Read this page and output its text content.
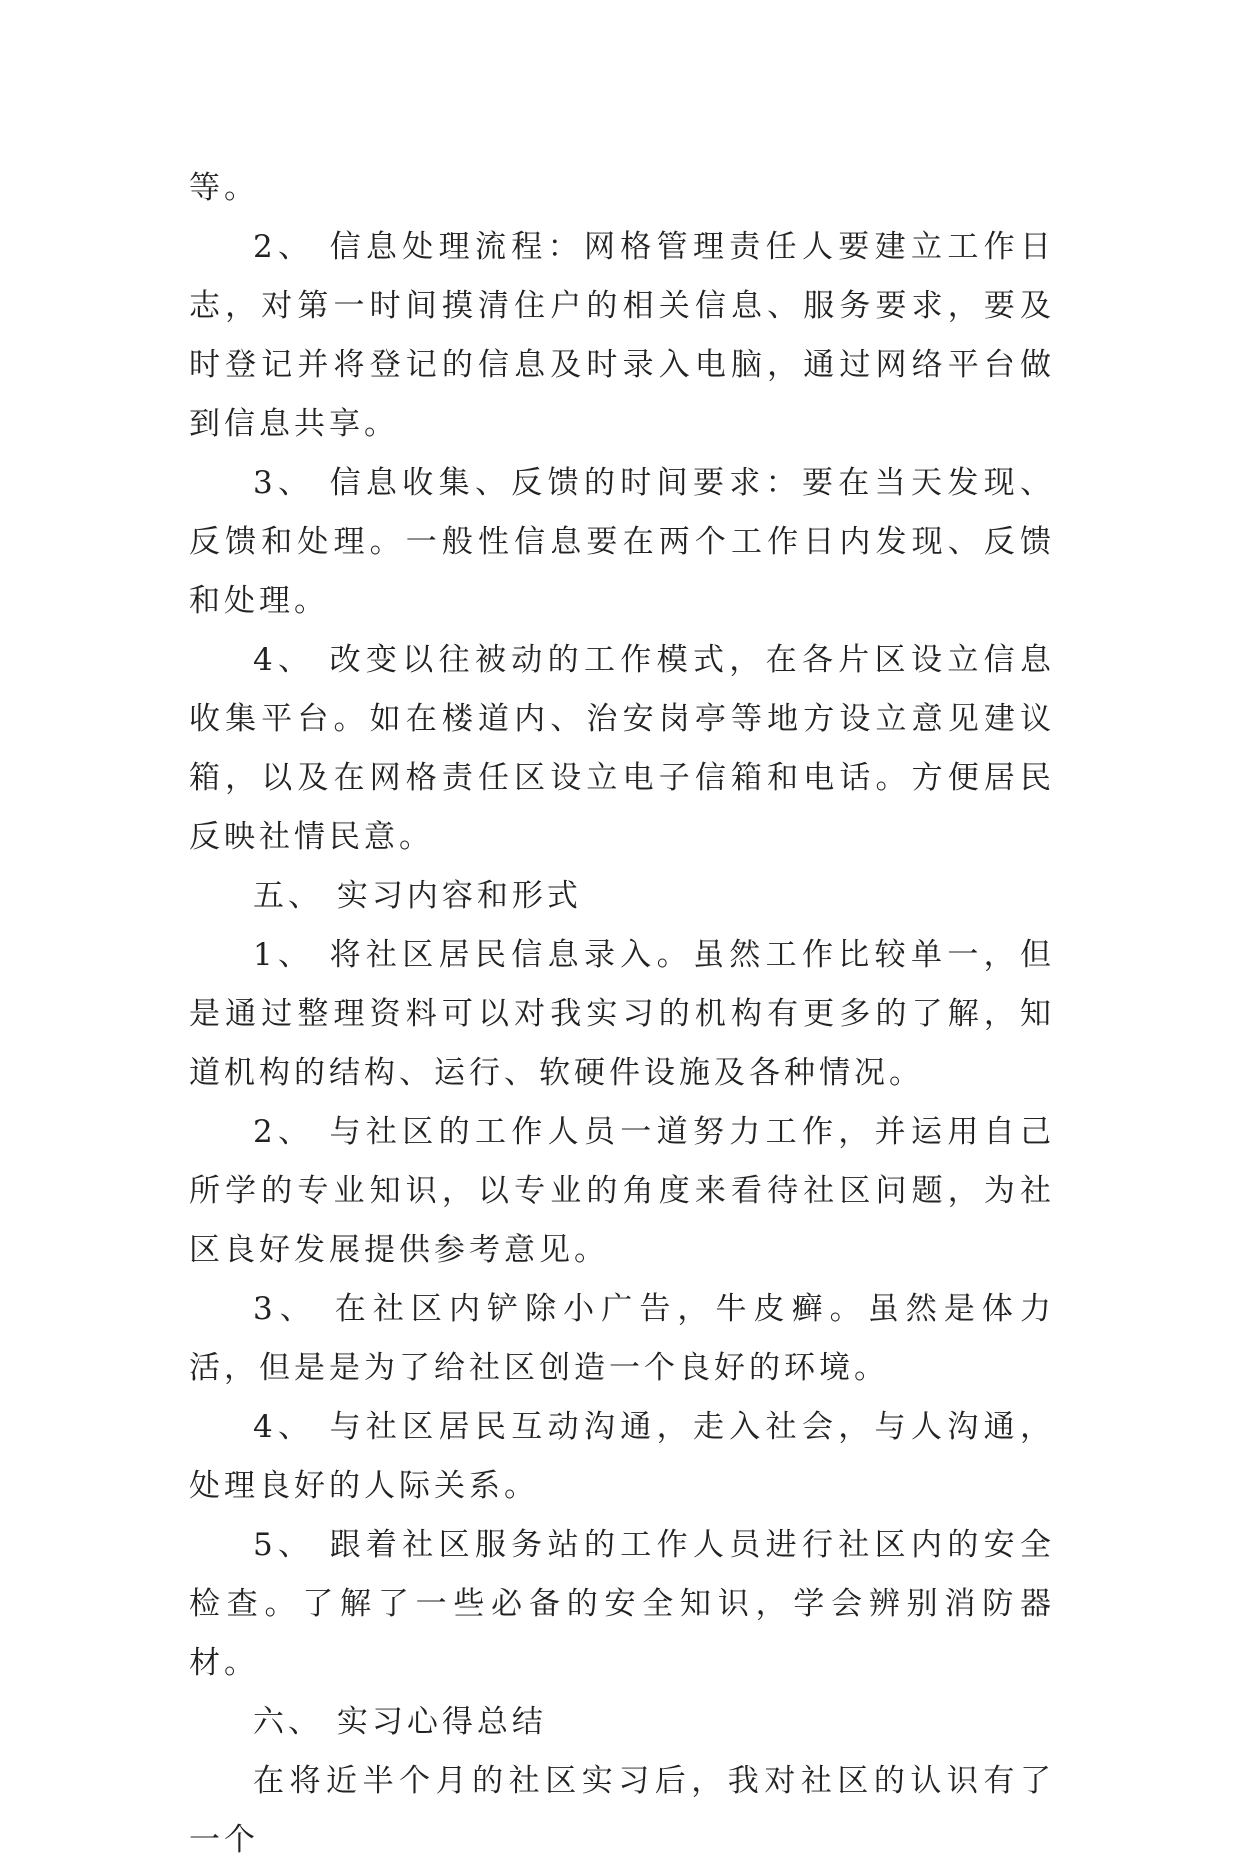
等。

2、 信息处理流程：网格管理责任人要建立工作日志，对第一时间摸清住户的相关信息、服务要求，要及时登记并将登记的信息及时录入电脑，通过网络平台做到信息共享。

3、 信息收集、反馈的时间要求：要在当天发现、反馈和处理。一般性信息要在两个工作日内发现、反馈和处理。

4、 改变以往被动的工作模式，在各片区设立信息收集平台。如在楼道内、治安岗亭等地方设立意见建议箱，以及在网格责任区设立电子信箱和电话。方便居民反映社情民意。

五、 实习内容和形式

1、 将社区居民信息录入。虽然工作比较单一，但是通过整理资料可以对我实习的机构有更多的了解，知道机构的结构、运行、软硬件设施及各种情况。

2、 与社区的工作人员一道努力工作，并运用自己所学的专业知识，以专业的角度来看待社区问题，为社区良好发展提供参考意见。

3、 在社区内铲除小广告，牛皮癣。虽然是体力活，但是是为了给社区创造一个良好的环境。

4、 与社区居民互动沟通，走入社会，与人沟通，处理良好的人际关系。

5、 跟着社区服务站的工作人员进行社区内的安全检查。了解了一些必备的安全知识，学会辨别消防器材。

六、 实习心得总结

在将近半个月的社区实习后，我对社区的认识有了一个
